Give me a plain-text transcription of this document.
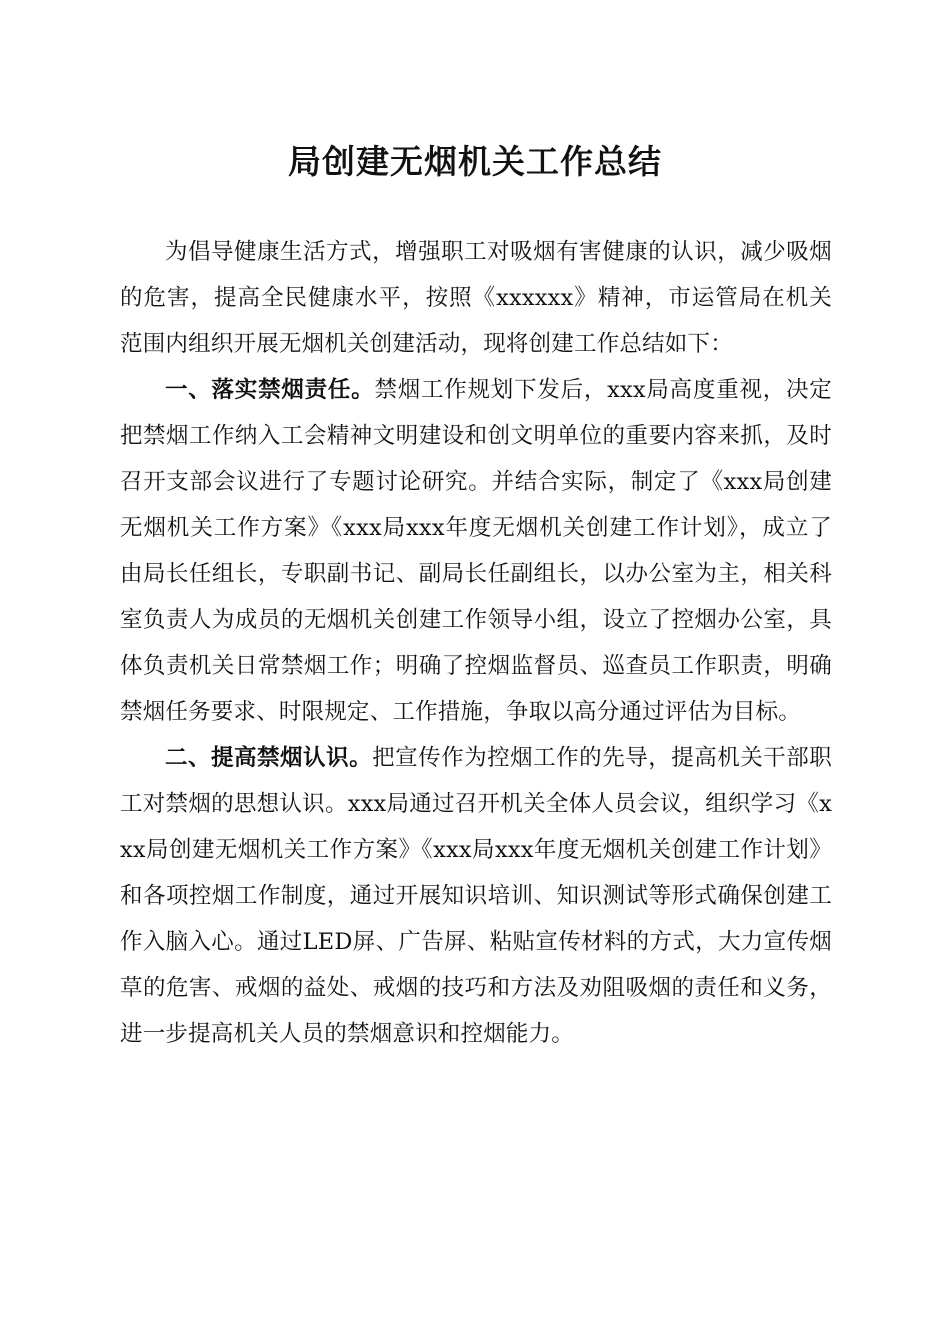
局创建无烟机关工作总结

为倡导健康生活方式，增强职工对吸烟有害健康的认识，减少吸烟的危害，提高全民健康水平，按照《xxxxxx》精神，市运管局在机关范围内组织开展无烟机关创建活动，现将创建工作总结如下：

一、落实禁烟责任。禁烟工作规划下发后，xxx局高度重视，决定把禁烟工作纳入工会精神文明建设和创文明单位的重要内容来抓，及时召开支部会议进行了专题讨论研究。并结合实际，制定了《xxx局创建无烟机关工作方案》《xxx局xxx年度无烟机关创建工作计划》，成立了由局长任组长，专职副书记、副局长任副组长，以办公室为主，相关科室负责人为成员的无烟机关创建工作领导小组，设立了控烟办公室，具体负责机关日常禁烟工作；明确了控烟监督员、巡查员工作职责，明确禁烟任务要求、时限规定、工作措施，争取以高分通过评估为目标。

二、提高禁烟认识。把宣传作为控烟工作的先导，提高机关干部职工对禁烟的思想认识。xxx局通过召开机关全体人员会议，组织学习《xxx局创建无烟机关工作方案》《xxx局xxx年度无烟机关创建工作计划》和各项控烟工作制度，通过开展知识培训、知识测试等形式确保创建工作入脑入心。通过LED屏、广告屏、粘贴宣传材料的方式，大力宣传烟草的危害、戒烟的益处、戒烟的技巧和方法及劝阻吸烟的责任和义务，进一步提高机关人员的禁烟意识和控烟能力。
